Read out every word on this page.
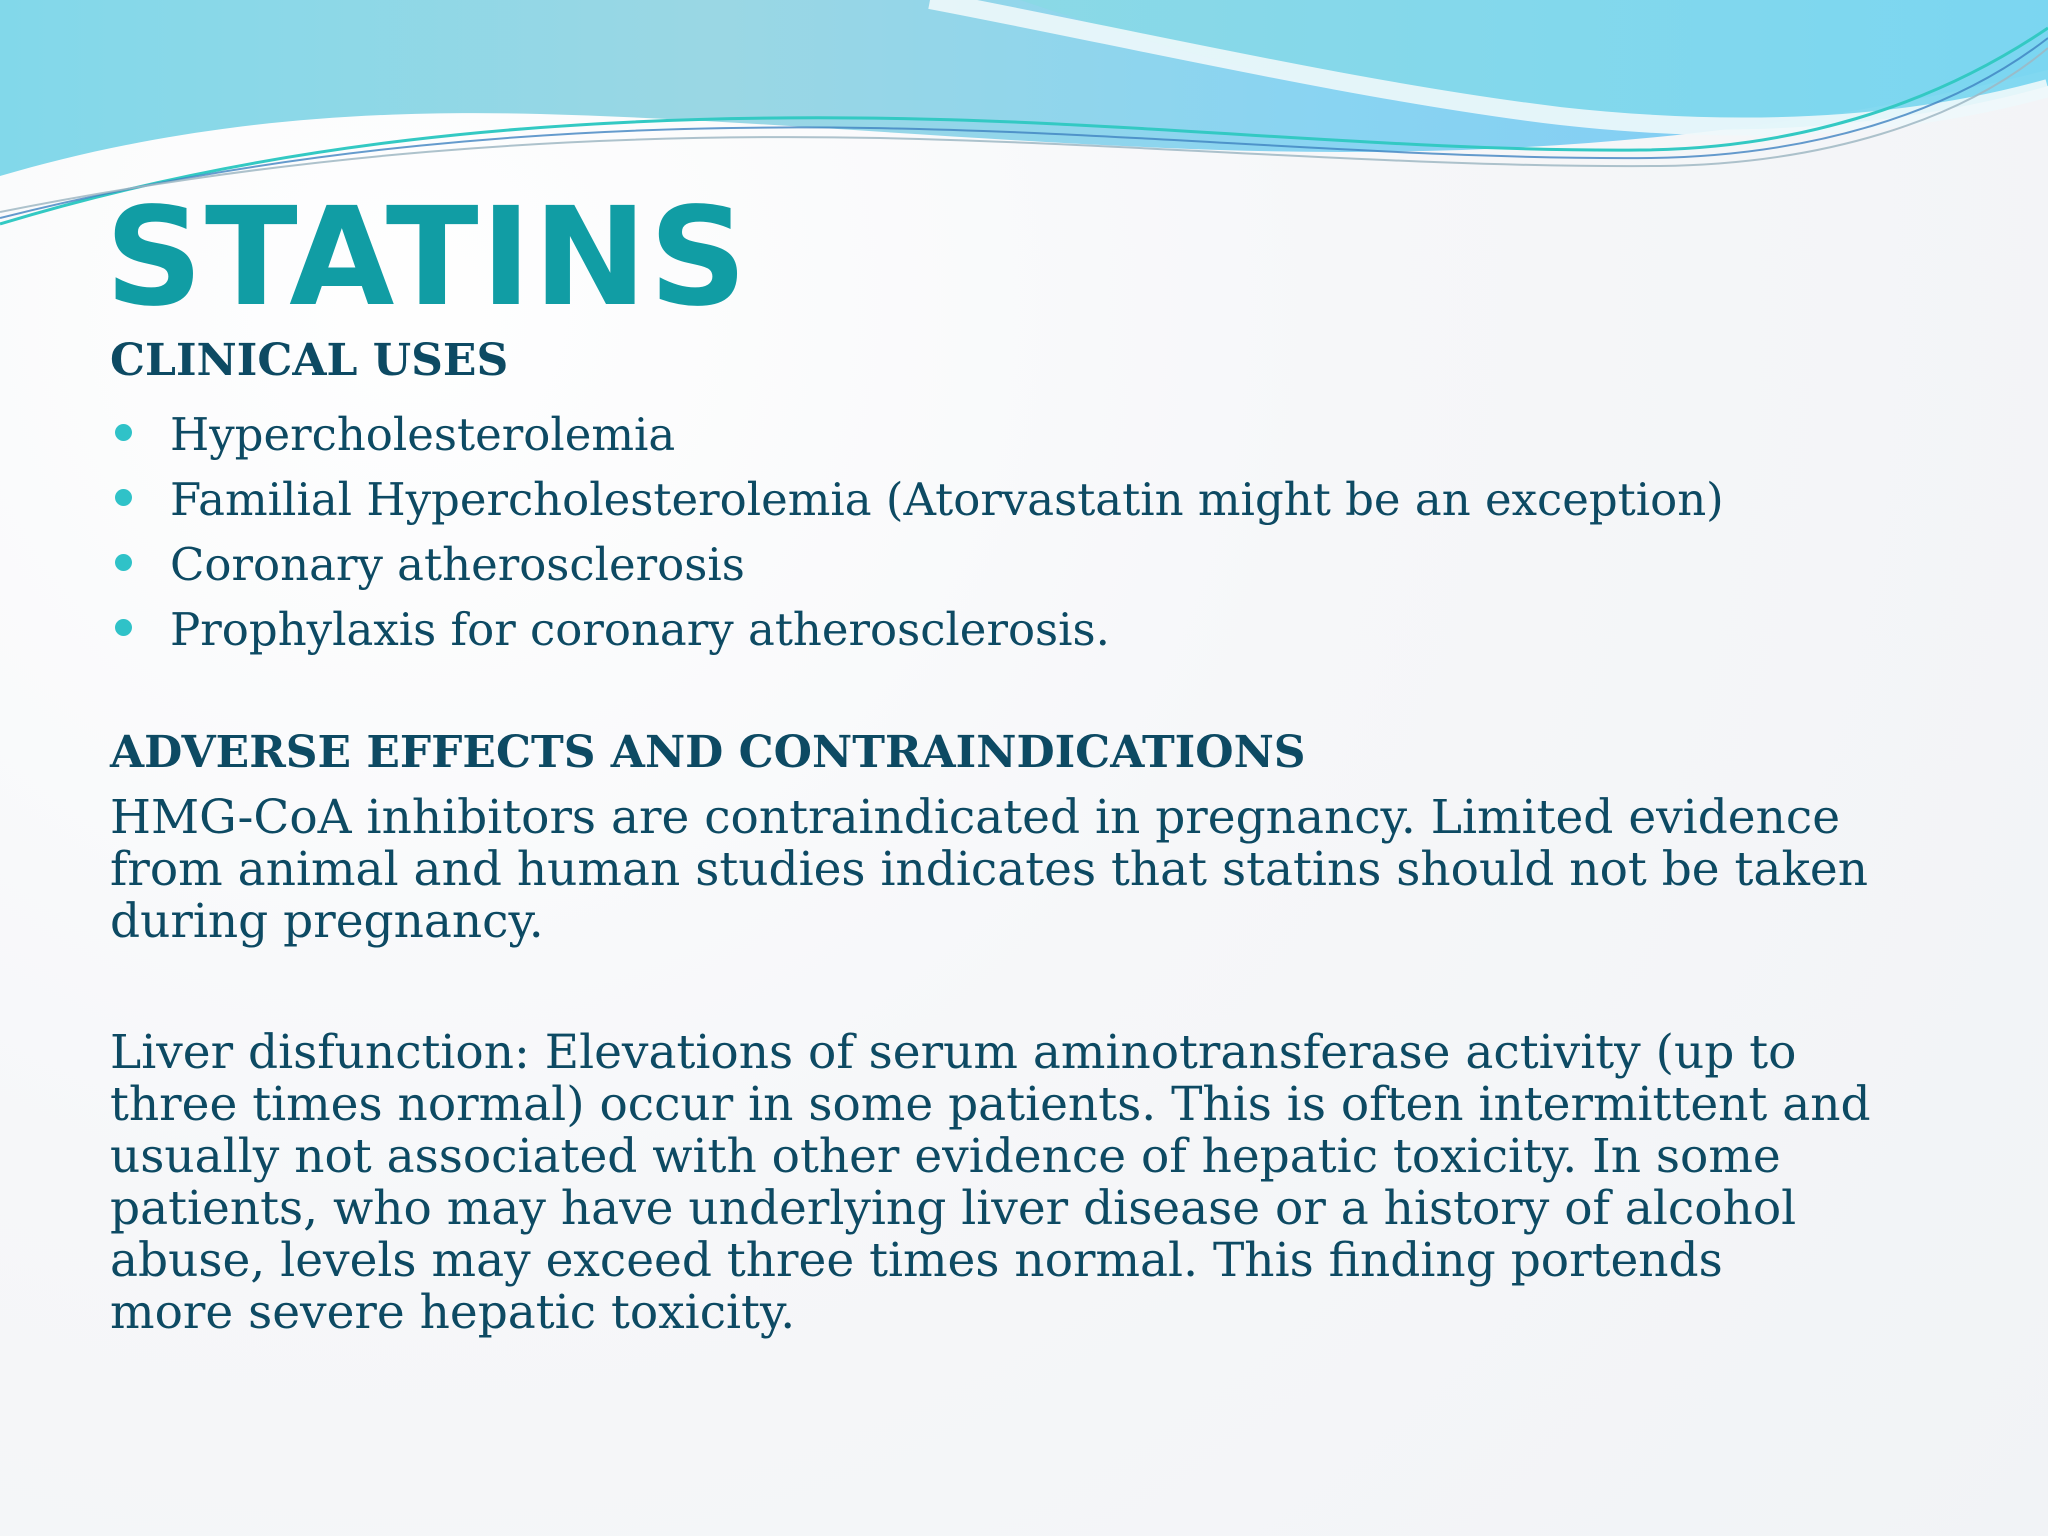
STATINS
CLINICAL USES
Hypercholesterolemia
Familial Hypercholesterolemia (Atorvastatin might be an exception)
Coronary atherosclerosis
Prophylaxis for coronary atherosclerosis.
ADVERSE EFFECTS AND CONTRAINDICATIONS

HMG-CoA inhibitors are contraindicated in pregnancy. Limited evidence
from animal and human studies indicates that statins should not be taken
during pregnancy.

Liver disfunction: Elevations of serum aminotransferase activity (up to
three times normal) occur in some patients. This is often intermittent and
usually not associated with other evidence of hepatic toxicity. In some
patients, who may have underlying liver disease or a history of alcohol
abuse, levels may exceed three times normal. This finding portends
more severe hepatic toxicity.
